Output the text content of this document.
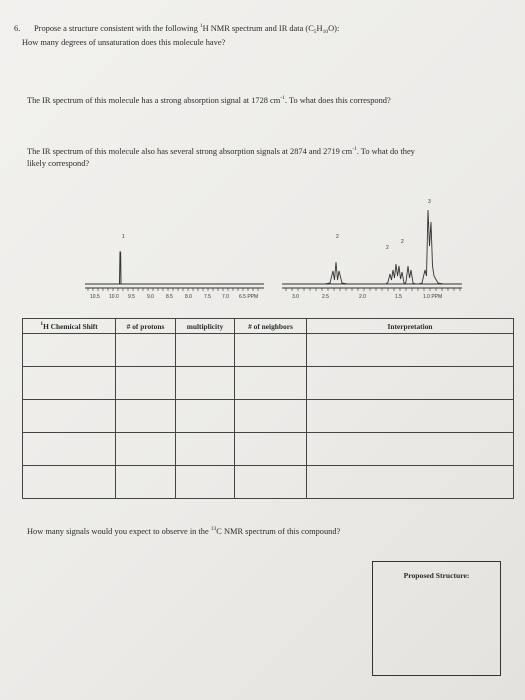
6. Propose a structure consistent with the following $^1$H NMR spectrum and IR data $(C_5H_{10}O)$:
How many degrees of unsaturation does this molecule have?
The IR spectrum of this molecule has a strong absorption signal at 1728 $cm^{-1}$. To what does this correspond?
The IR spectrum of this molecule also has several strong absorption signals at 2874 and 2719 $cm^{-1}$. To what do they
likely correspond?
10.5 10.0 9.5 9.0 8.5 8.0 7.5 7.0 6.5 PPM	3.0	2.5	2.0	1.5	1.0 PPM
1	2
2
2
3
$^1$H Chemical Shift	# of protons	multiplicity	# of neighbors	Interpretation

How many signals would you expect to observe in the $^{13}$C NMR spectrum of this compound?
Proposed Structure:
